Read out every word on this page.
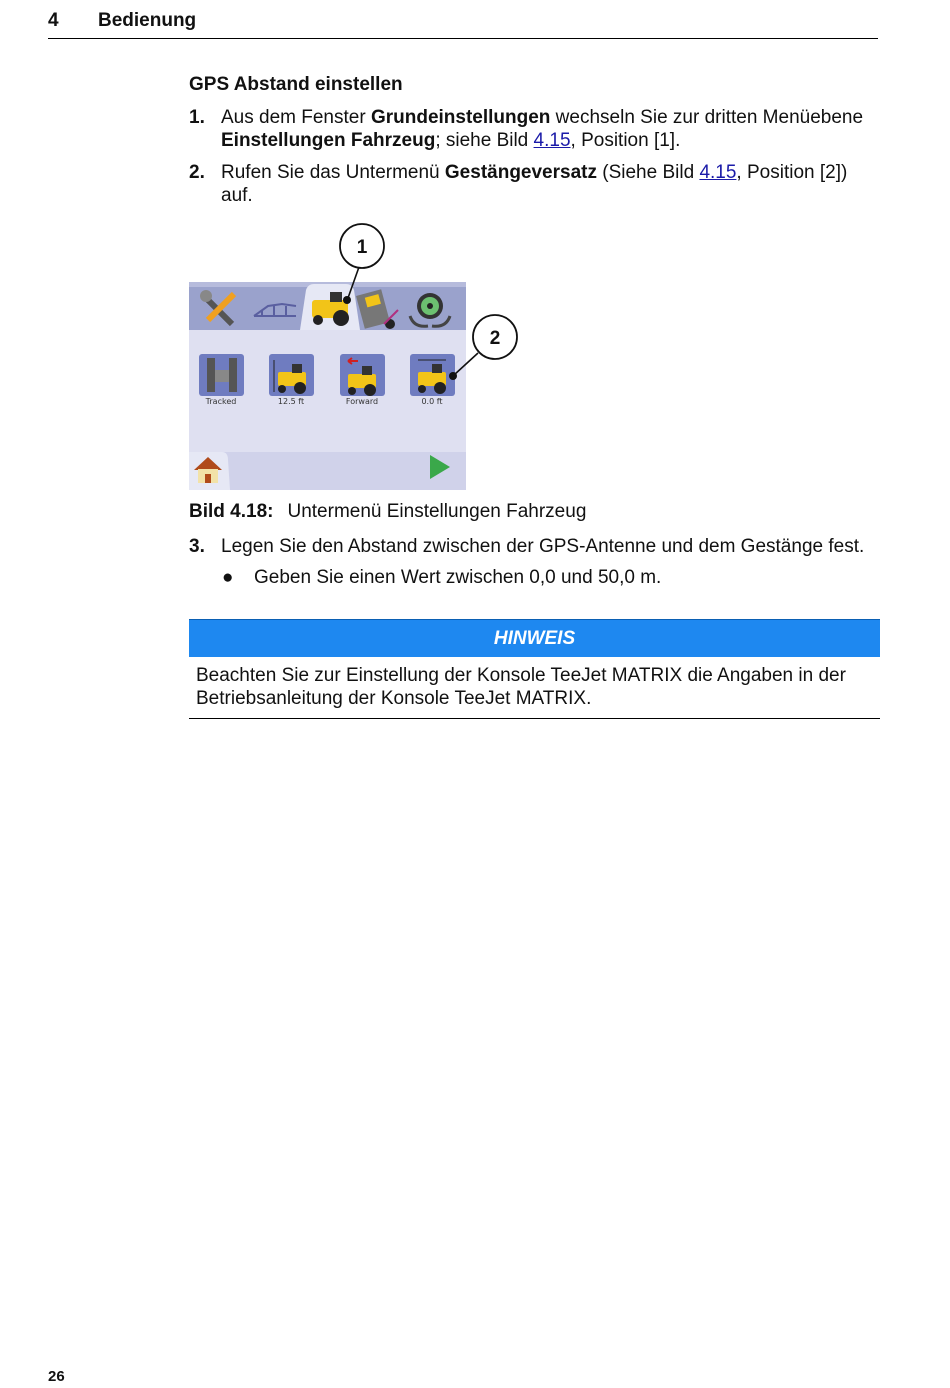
4 Bedienung
GPS Abstand einstellen
1. Aus dem Fenster Grundeinstellungen wechseln Sie zur dritten Menüebene
Einstellungen Fahrzeug; siehe Bild 4.15, Position [1].
2. Rufen Sie das Untermenü Gestängeversatz (Siehe Bild 4.15, Position [2])
auf.
Tracked	12.5 ft	Forward	0.0 ft
1
2
Bild 4.18: Untermenü Einstellungen Fahrzeug
3. Legen Sie den Abstand zwischen der GPS-Antenne und dem Gestänge fest.
● Geben Sie einen Wert zwischen 0,0 und 50,0 m.
HINWEIS
Beachten Sie zur Einstellung der Konsole TeeJet MATRIX die Angaben in der
Betriebsanleitung der Konsole TeeJet MATRIX.
26
